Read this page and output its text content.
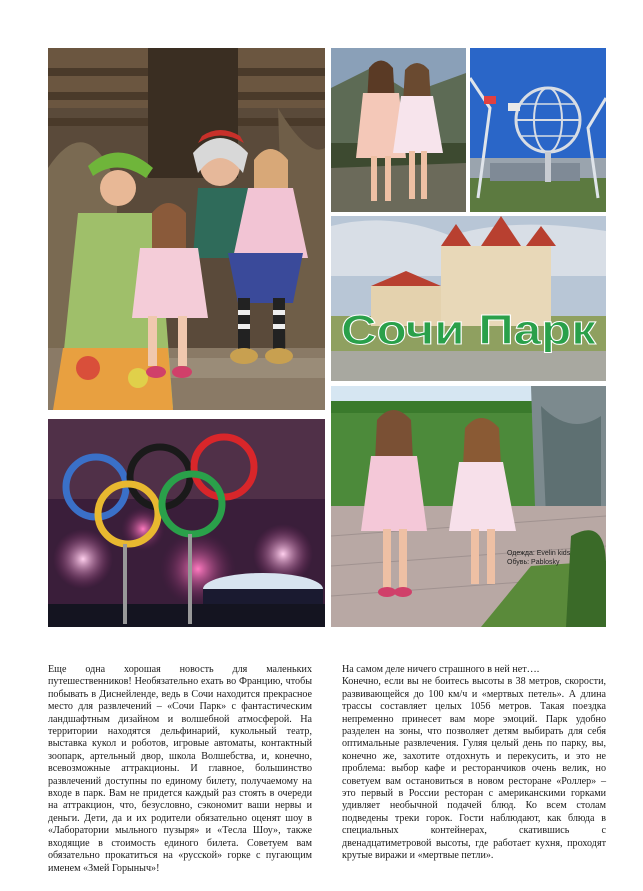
Сочи Парк
Одежда: Evelin kids
Обувь: Pablosky

Еще одна хорошая новость для маленьких путешественников! Необязательно ехать во Францию, чтобы побывать в Диснейленде, ведь в Сочи находится прекрасное место для развлечений – «Сочи Парк» с фантастическим ландшафтным дизайном и волшебной атмосферой. На территории находятся дельфинарий, кукольный театр, выставка кукол и роботов, игровые автоматы, контактный зоопарк, артельный двор, школа Волшебства, и, конечно, всевозможные аттракционы. И главное, большинство развлечений доступны по единому билету, получаемому на входе в парк. Вам не придется каждый раз стоять в очереди на аттракцион, что, безусловно, сэкономит ваши нервы и деньги. Дети, да и их родители обязательно оценят шоу в «Лаборатории мыльного пузыря» и «Тесла Шоу», также входящие в стоимость единого билета. Советуем вам обязательно прокатиться на «русской» горке с пугающим именем «Змей Горыныч»!

На самом деле ничего страшного в ней нет….

Конечно, если вы не боитесь высоты в 38 метров, скорости, развивающейся до 100 км/ч и «мертвых петель». А длина трассы составляет целых 1056 метров. Такая поездка непременно принесет вам море эмоций. Парк удобно разделен на зоны, что позволяет детям выбирать для себя оптимальные развлечения. Гуляя целый день по парку, вы, конечно же, захотите отдохнуть и перекусить, и это не проблема: выбор кафе и ресторанчиков очень велик, но советуем вам остановиться в новом ресторане «Роллер» – это первый в России ресторан с американскими горками удивляет необычной подачей блюд. Ко всем столам подведены треки горок. Гости наблюдают, как блюда в специальных контейнерах, скатившись с двенадцатиметровой высоты, где работает кухня, проходят крутые виражи и «мертвые петли».
